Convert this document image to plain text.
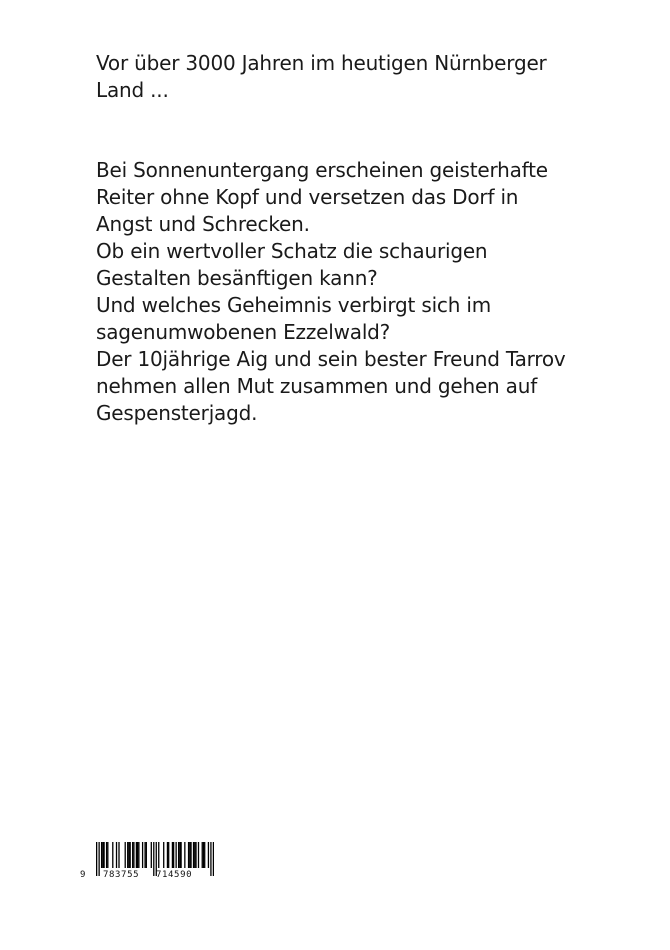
Vor über 3000 Jahren im heutigen Nürnberger
Land ...
Bei Sonnenuntergang erscheinen geisterhafte
Reiter ohne Kopf und versetzen das Dorf in
Angst und Schrecken.
Ob ein wertvoller Schatz die schaurigen
Gestalten besänftigen kann?
Und welches Geheimnis verbirgt sich im
sagenumwobenen Ezzelwald?
Der 10jährige Aig und sein bester Freund Tarrov
nehmen allen Mut zusammen und gehen auf
Gespensterjagd.
9 783755 714590
